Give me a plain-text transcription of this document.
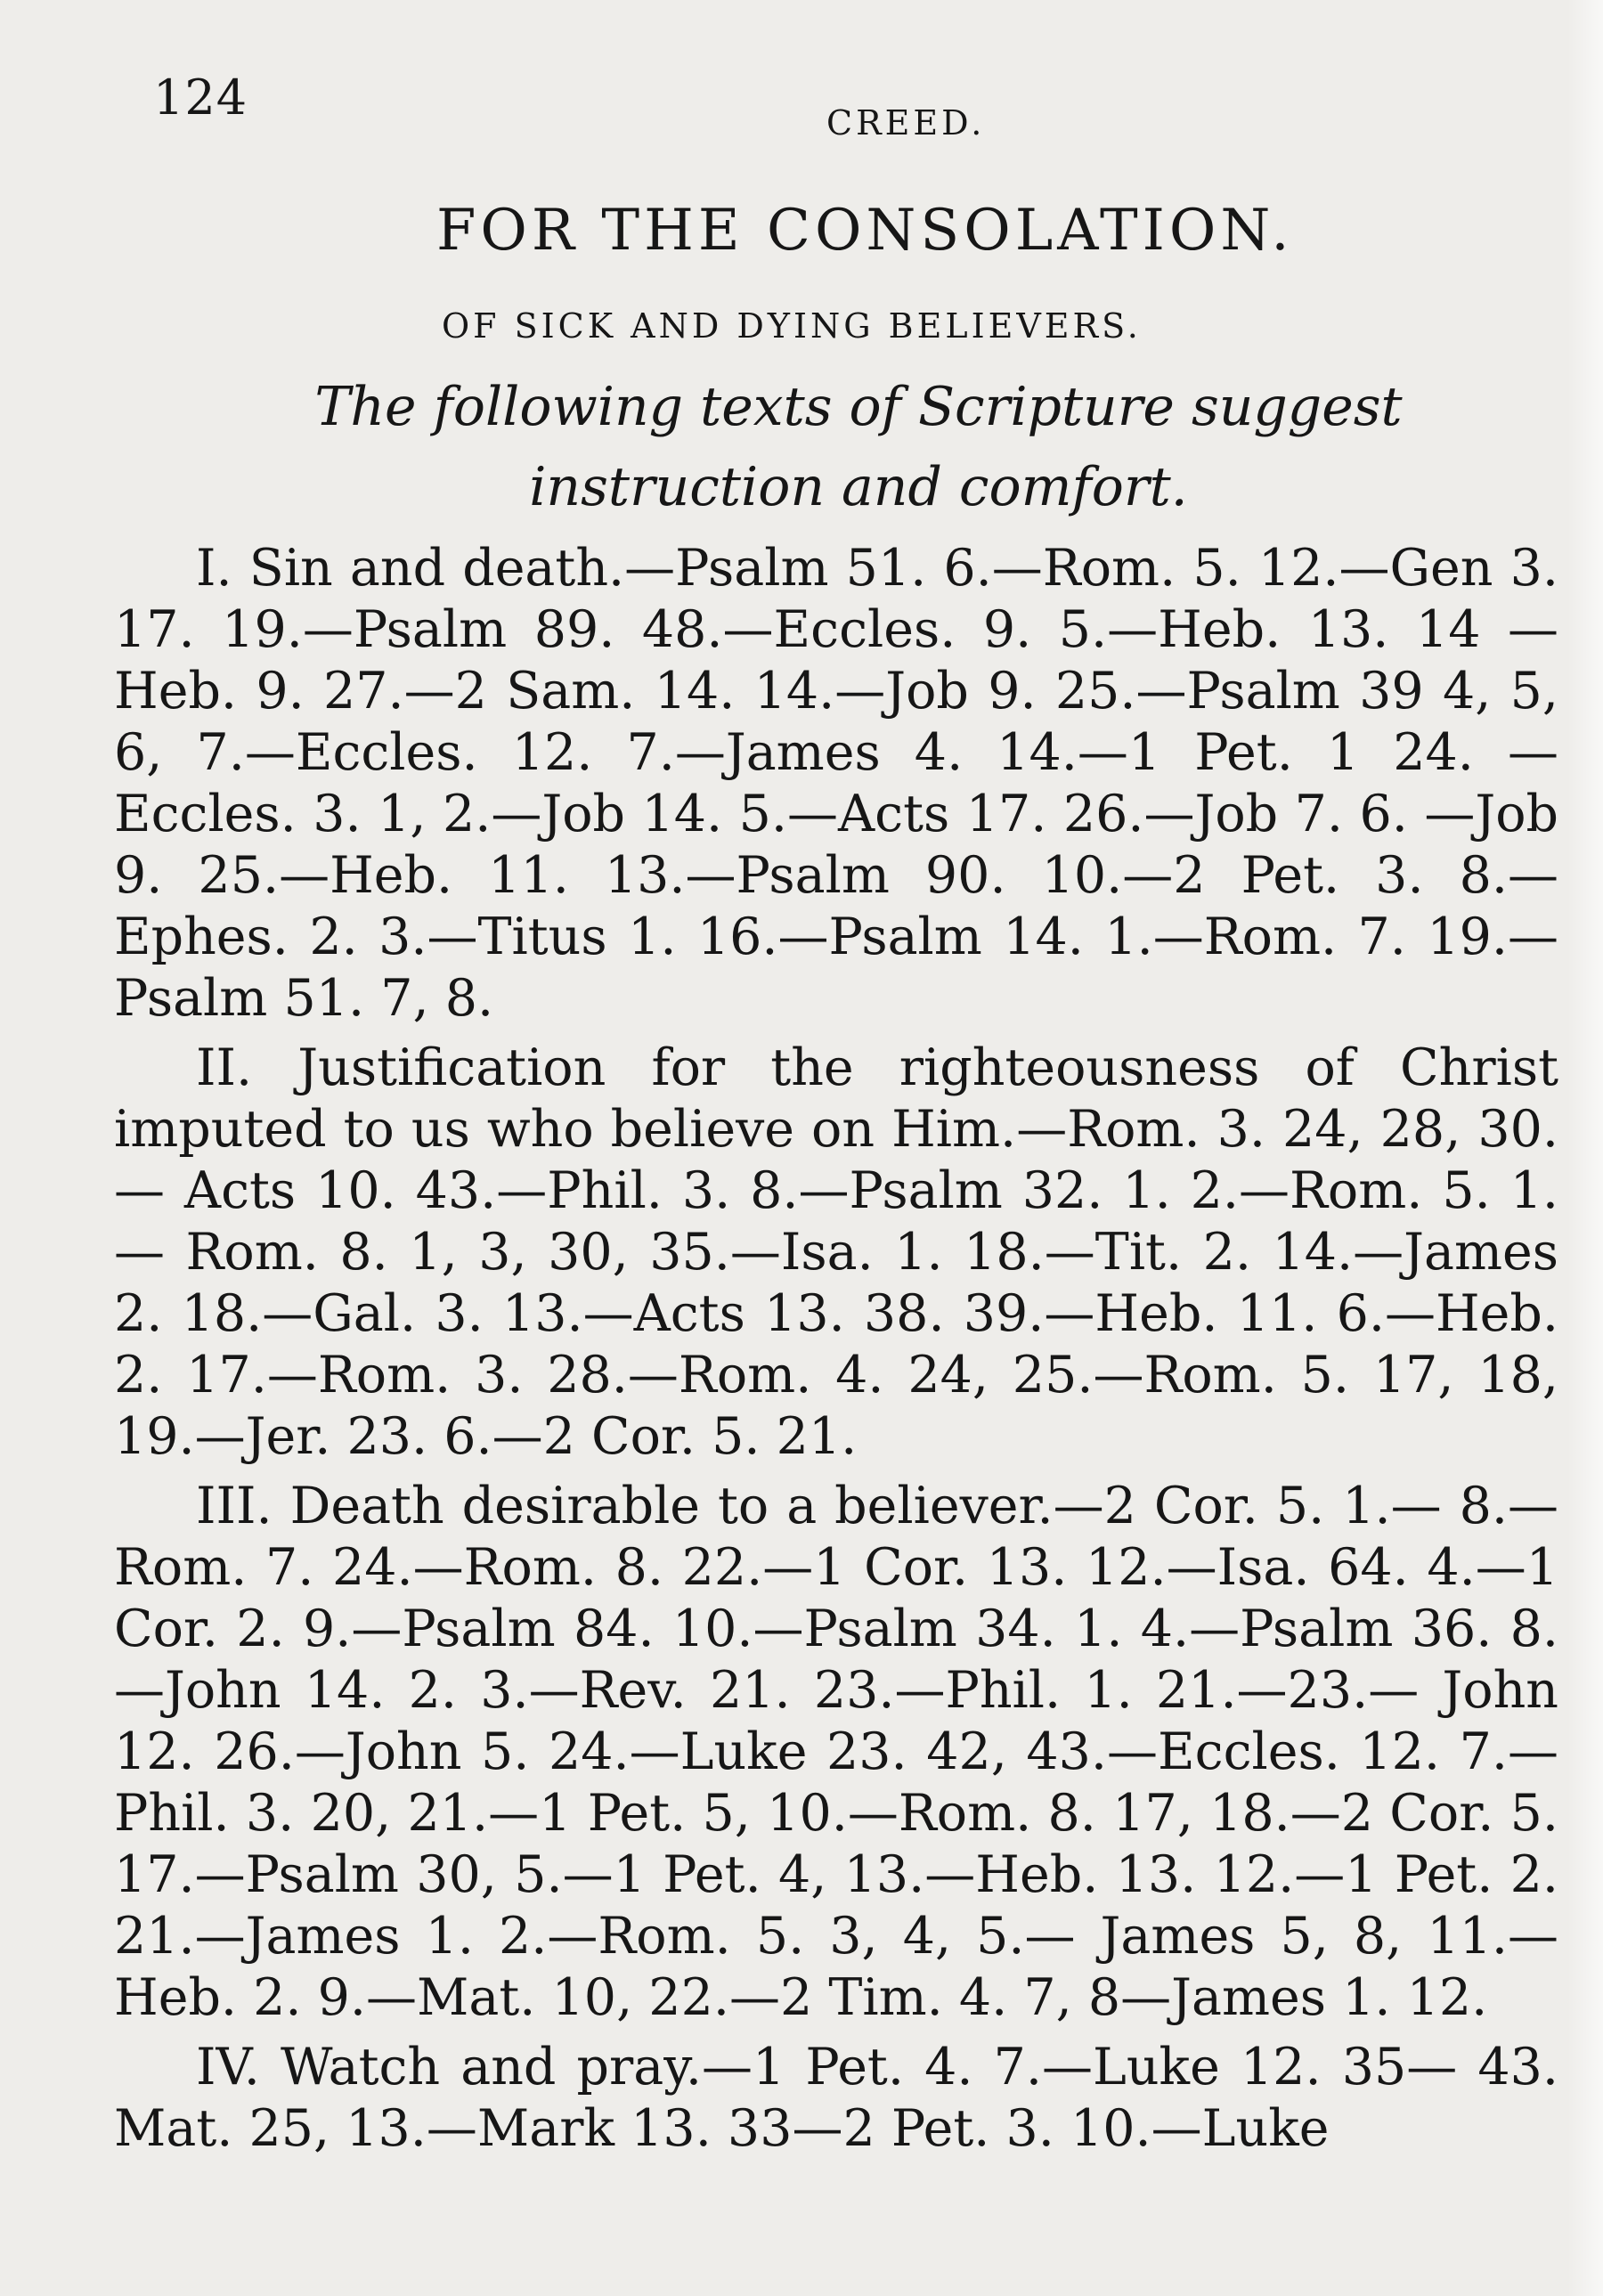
124	CREED.
FOR THE CONSOLATION.
OF SICK AND DYING BELIEVERS.
The following texts of Scripture suggest instruction and comfort.

I. Sin and death.—Psalm 51. 6.—Rom. 5. 12.—Gen 3. 17. 19.—Psalm 89. 48.—Eccles. 9. 5.—Heb. 13. 14 —Heb. 9. 27.—2 Sam. 14. 14.—Job 9. 25.—Psalm 39 4, 5, 6, 7.—Eccles. 12. 7.—James 4. 14.—1 Pet. 1 24. —Eccles. 3. 1, 2.—Job 14. 5.—Acts 17. 26.—Job 7. 6. —Job 9. 25.—Heb. 11. 13.—Psalm 90. 10.—2 Pet. 3. 8.—Ephes. 2. 3.—Titus 1. 16.—Psalm 14. 1.—Rom. 7. 19.—Psalm 51. 7, 8.

II. Justification for the righteousness of Christ imputed to us who believe on Him.—Rom. 3. 24, 28, 30.— Acts 10. 43.—Phil. 3. 8.—Psalm 32. 1. 2.—Rom. 5. 1.— Rom. 8. 1, 3, 30, 35.—Isa. 1. 18.—Tit. 2. 14.—James 2. 18.—Gal. 3. 13.—Acts 13. 38. 39.—Heb. 11. 6.—Heb. 2. 17.—Rom. 3. 28.—Rom. 4. 24, 25.—Rom. 5. 17, 18, 19.—Jer. 23. 6.—2 Cor. 5. 21.

III. Death desirable to a believer.—2 Cor. 5. 1.— 8.—Rom. 7. 24.—Rom. 8. 22.—1 Cor. 13. 12.—Isa. 64. 4.—1 Cor. 2. 9.—Psalm 84. 10.—Psalm 34. 1. 4.—Psalm 36. 8.—John 14. 2. 3.—Rev. 21. 23.—Phil. 1. 21.—23.— John 12. 26.—John 5. 24.—Luke 23. 42, 43.—Eccles. 12. 7.—Phil. 3. 20, 21.—1 Pet. 5, 10.—Rom. 8. 17, 18.—2 Cor. 5. 17.—Psalm 30, 5.—1 Pet. 4, 13.—Heb. 13. 12.—1 Pet. 2. 21.—James 1. 2.—Rom. 5. 3, 4, 5.— James 5, 8, 11.—Heb. 2. 9.—Mat. 10, 22.—2 Tim. 4. 7, 8—James 1. 12.

IV. Watch and pray.—1 Pet. 4. 7.—Luke 12. 35— 43. Mat. 25, 13.—Mark 13. 33—2 Pet. 3. 10.—Luke
